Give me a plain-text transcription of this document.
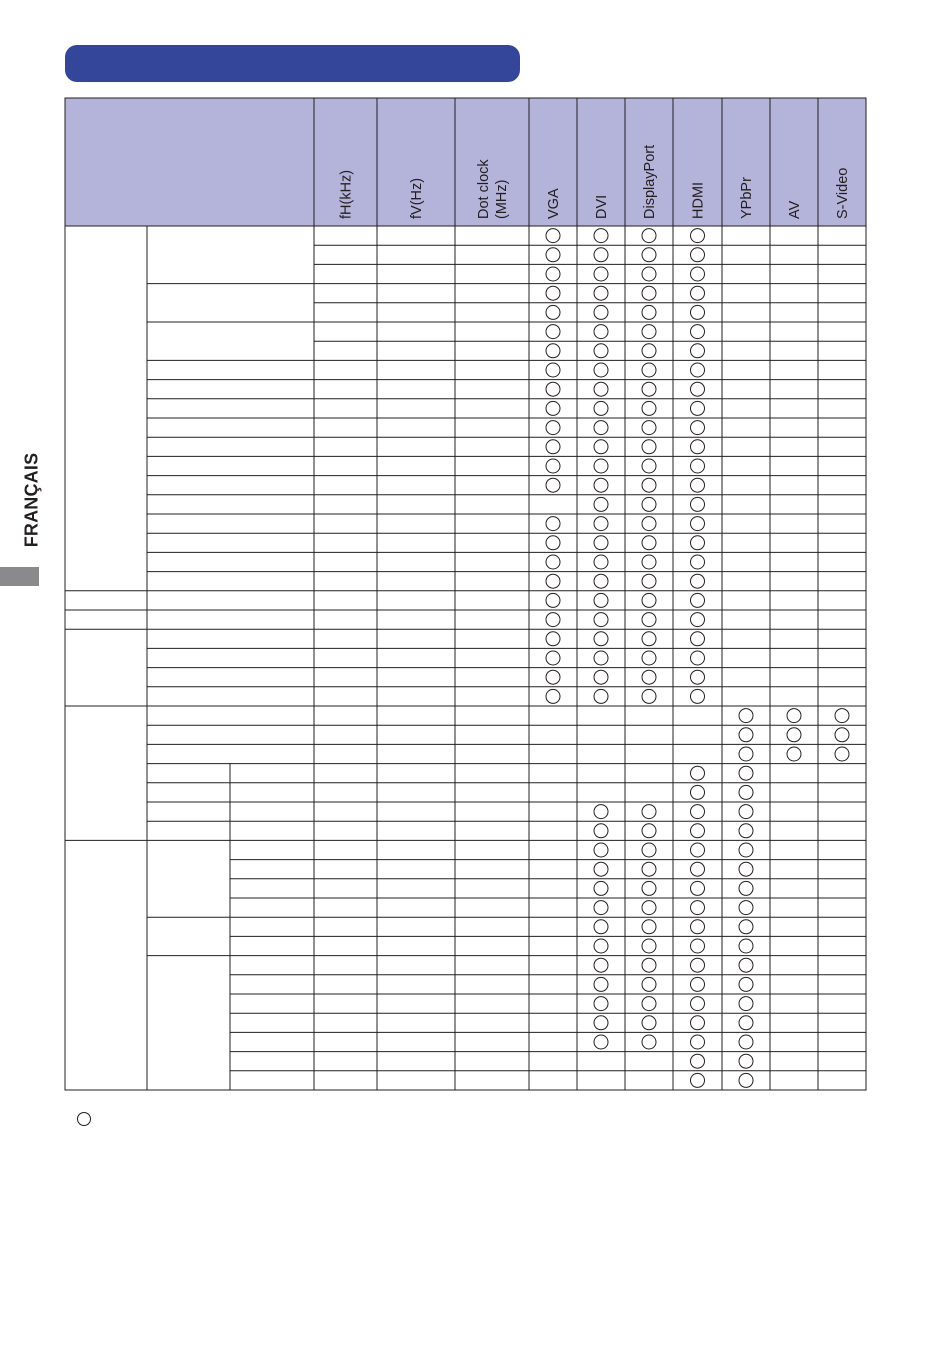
FRANÇAIS
fH(kHz)	fV(Hz)	Dot clock (MHz) VGA DVI DisplayPort HDMI YPbPr AV S-Video
